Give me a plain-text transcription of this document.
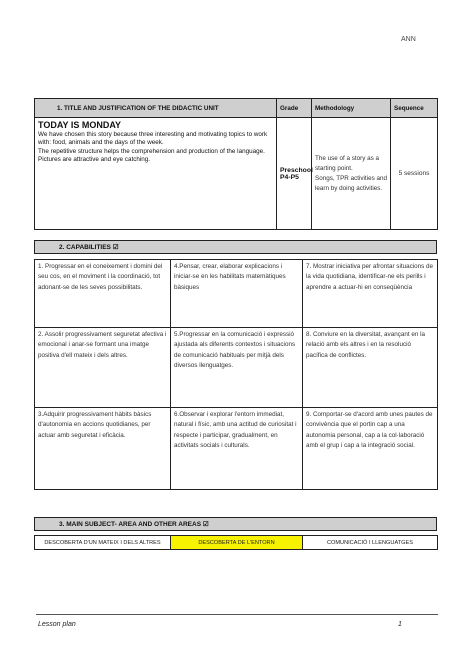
ANN
1. TITLE AND JUSTIFICATION OF THE DIDACTIC UNIT	Grade	Methodology	Sequence

TODAY IS MONDAY
We have chosen this story because three interesting and motivating topics to work with: food, animals and the days of the week.
The repetitive structure helps the comprehension and production of the language. Pictures are attractive and eye catching.	Preschool P4-P5	The use of a story as a starting point.
Songs, TPR activities and learn by doing activities.	5 sessions
2. CAPABILITIES ☑
1. Progressar en el coneixement i domini del seu cos, en el moviment i la coordinació, tot adonant-se de les seves possibilitats.	4.Pensar, crear, elaborar explicacions i iniciar-se en les habilitats matemàtiques bàsiques	7. Mostrar iniciativa per afrontar situacions de la vida quotidiana, identificar-ne els perills i aprendre a actuar-hi en conseqüència
2. Assolir progressivament seguretat afectiva i emocional i anar-se formant una imatge positiva d'ell mateix i dels altres.	5.Progressar en la comunicació i expressió ajustada als diferents contextos i situacions de comunicació habituals per mitjà dels diversos llenguatges.	8. Conviure en la diversitat, avançant en la relació amb els altres i en la resolució pacífica de conflictes.
3.Adquirir progressivament hàbits bàsics d'autonomia en accions quotidianes, per actuar amb seguretat i eficàcia.	6.Observar i explorar l'entorn immediat, natural i físic, amb una actitud de curiositat i respecte i participar, gradualment, en activitats socials i culturals.	9. Comportar-se d'acord amb unes pautes de convivència que el portin cap a una autonomia personal, cap a la col·laboració amb el grup i cap a la integració social.
3. MAIN SUBJECT- AREA AND OTHER AREAS ☑
DESCOBERTA D'UN MATEIX I DELS ALTRES	DESCOBERTA DE L'ENTORN	COMUNICACIÓ I LLENGUATGES
Lesson plan	1
